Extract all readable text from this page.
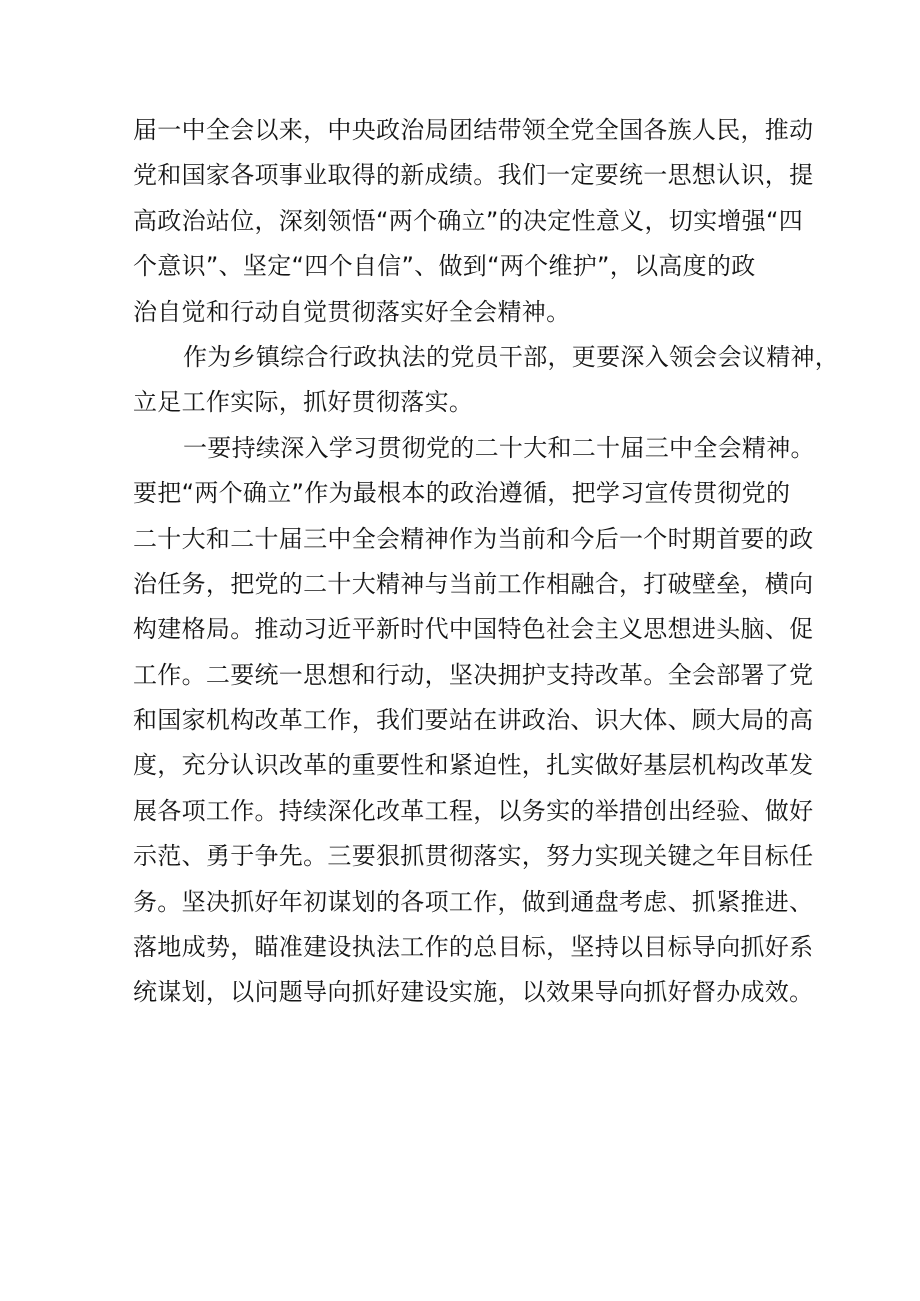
届一中全会以来，中央政治局团结带领全党全国各族人民，推动
党和国家各项事业取得的新成绩。我们一定要统一思想认识，提
高政治站位，深刻领悟“两个确立”的决定性意义，切实增强“四
个意识”、坚定“四个自信”、做到“两个维护”，以高度的政
治自觉和行动自觉贯彻落实好全会精神。
作为乡镇综合行政执法的党员干部，更要深入领会会议精神，
立足工作实际，抓好贯彻落实。
一要持续深入学习贯彻党的二十大和二十届三中全会精神。
要把“两个确立”作为最根本的政治遵循，把学习宣传贯彻党的
二十大和二十届三中全会精神作为当前和今后一个时期首要的政
治任务，把党的二十大精神与当前工作相融合，打破壁垒，横向
构建格局。推动习近平新时代中国特色社会主义思想进头脑、促
工作。二要统一思想和行动，坚决拥护支持改革。全会部署了党
和国家机构改革工作，我们要站在讲政治、识大体、顾大局的高
度，充分认识改革的重要性和紧迫性，扎实做好基层机构改革发
展各项工作。持续深化改革工程，以务实的举措创出经验、做好
示范、勇于争先。三要狠抓贯彻落实，努力实现关键之年目标任
务。坚决抓好年初谋划的各项工作，做到通盘考虑、抓紧推进、
落地成势，瞄准建设执法工作的总目标，坚持以目标导向抓好系
统谋划，以问题导向抓好建设实施，以效果导向抓好督办成效。
